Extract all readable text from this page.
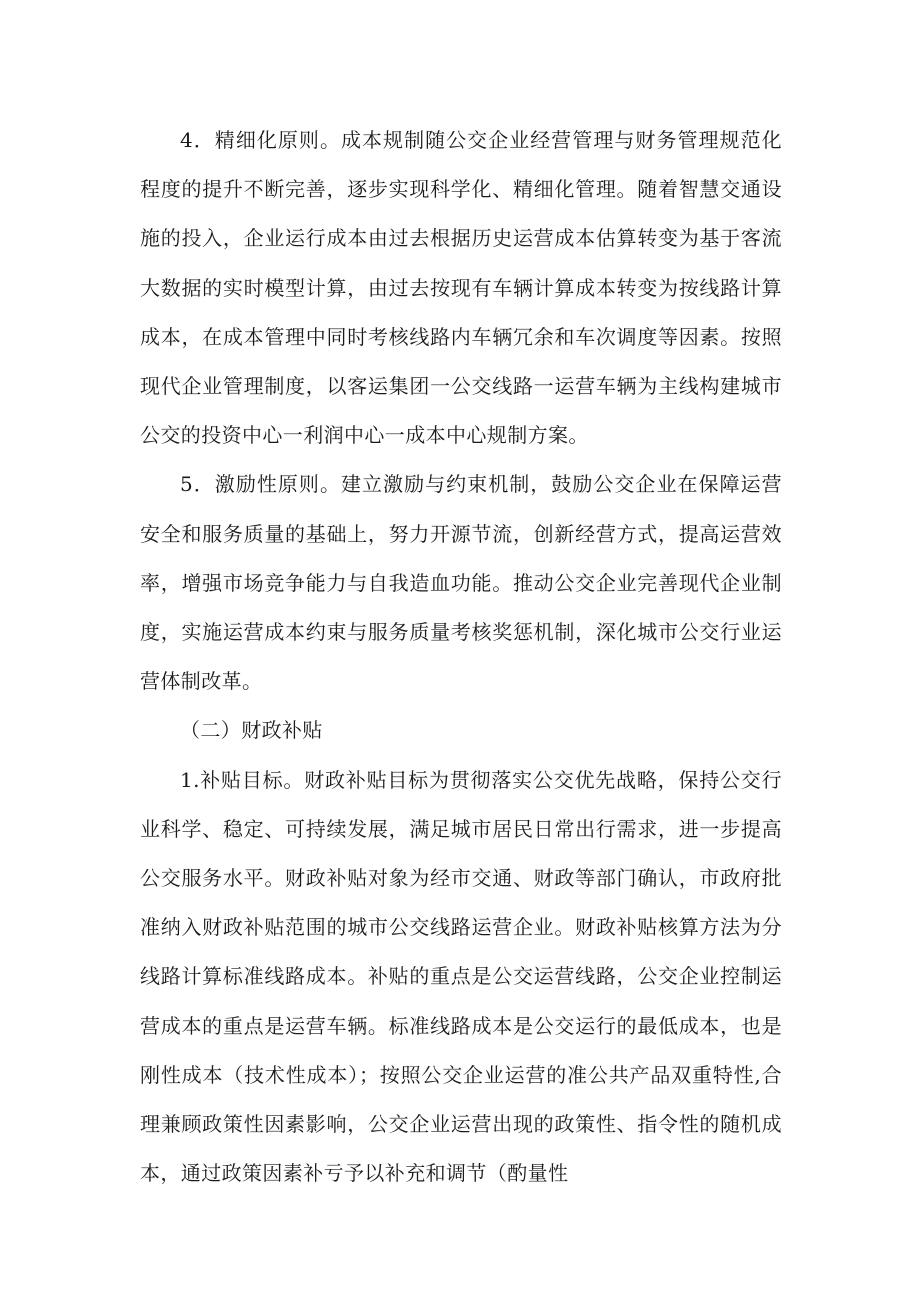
4．精细化原则。成本规制随公交企业经营管理与财务管理规范化程度的提升不断完善，逐步实现科学化、精细化管理。随着智慧交通设施的投入，企业运行成本由过去根据历史运营成本估算转变为基于客流大数据的实时模型计算，由过去按现有车辆计算成本转变为按线路计算成本，在成本管理中同时考核线路内车辆冗余和车次调度等因素。按照现代企业管理制度，以客运集团一公交线路一运营车辆为主线构建城市公交的投资中心一利润中心一成本中心规制方案。

5．激励性原则。建立激励与约束机制，鼓励公交企业在保障运营安全和服务质量的基础上，努力开源节流，创新经营方式，提高运营效率，增强市场竞争能力与自我造血功能。推动公交企业完善现代企业制度，实施运营成本约束与服务质量考核奖惩机制，深化城市公交行业运营体制改革。

（二）财政补贴

1.补贴目标。财政补贴目标为贯彻落实公交优先战略，保持公交行业科学、稳定、可持续发展，满足城市居民日常出行需求，进一步提高公交服务水平。财政补贴对象为经市交通、财政等部门确认，市政府批准纳入财政补贴范围的城市公交线路运营企业。财政补贴核算方法为分线路计算标准线路成本。补贴的重点是公交运营线路，公交企业控制运营成本的重点是运营车辆。标准线路成本是公交运行的最低成本，也是刚性成本（技术性成本）；按照公交企业运营的准公共产品双重特性,合理兼顾政策性因素影响，公交企业运营出现的政策性、指令性的随机成本，通过政策因素补亏予以补充和调节（酌量性
